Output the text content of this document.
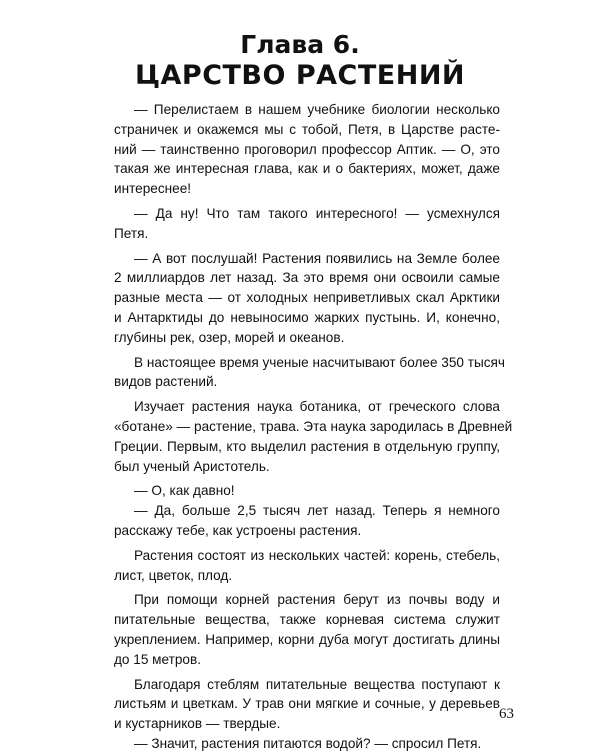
Глава 6.
ЦАРСТВО РАСТЕНИЙ

— Перелистаем в нашем учебнике биологии несколько
страничек и окажемся мы с тобой, Петя, в Царстве расте-
ний — таинственно проговорил профессор Аптик. — О, это
такая же интересная глава, как и о бактериях, может, даже
интереснее!

— Да ну! Что там такого интересного! — усмехнулся
Петя.

— А вот послушай! Растения появились на Земле более
2 миллиардов лет назад. За это время они освоили самые
разные места — от холодных неприветливых скал Арктики
и Антарктиды до невыносимо жарких пустынь. И, конечно,
глубины рек, озер, морей и океанов.

В настоящее время ученые насчитывают более 350 тысяч
видов растений.

Изучает растения наука ботаника, от греческого слова
«ботане» — растение, трава. Эта наука зародилась в Древней
Греции. Первым, кто выделил растения в отдельную группу,
был ученый Аристотель.

— О, как давно!

— Да, больше 2,5 тысяч лет назад. Теперь я немного
расскажу тебе, как устроены растения.

Растения состоят из нескольких частей: корень, стебель,
лист, цветок, плод.

При помощи корней растения берут из почвы воду и
питательные вещества, также корневая система служит
укреплением. Например, корни дуба могут достигать длины
до 15 метров.

Благодаря стеблям питательные вещества поступают к
листьям и цветкам. У трав они мягкие и сочные, у деревьев
и кустарников — твердые.

— Значит, растения питаются водой? — спросил Петя.

63
